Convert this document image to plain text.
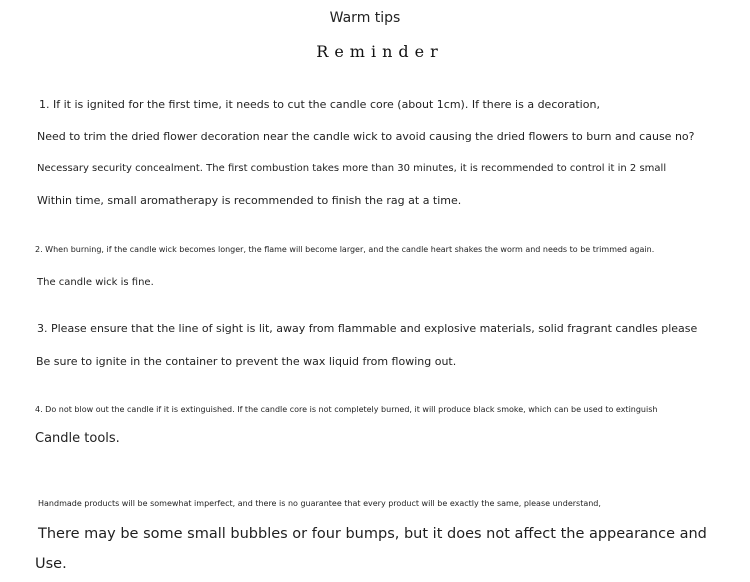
Warm tips

Reminder

1. If it is ignited for the first time, it needs to cut the candle core (about 1cm). If there is a decoration,

Need to trim the dried flower decoration near the candle wick to avoid causing the dried flowers to burn and cause no?

Necessary security concealment. The first combustion takes more than 30 minutes, it is recommended to control it in 2 small

Within time, small aromatherapy is recommended to finish the rag at a time.

2. When burning, if the candle wick becomes longer, the flame will become larger, and the candle heart shakes the worm and needs to be trimmed again.

The candle wick is fine.

3. Please ensure that the line of sight is lit, away from flammable and explosive materials, solid fragrant candles please

Be sure to ignite in the container to prevent the wax liquid from flowing out.

4. Do not blow out the candle if it is extinguished. If the candle core is not completely burned, it will produce black smoke, which can be used to extinguish

Candle tools.

Handmade products will be somewhat imperfect, and there is no guarantee that every product will be exactly the same, please understand,

There may be some small bubbles or four bumps, but it does not affect the appearance and

Use.
